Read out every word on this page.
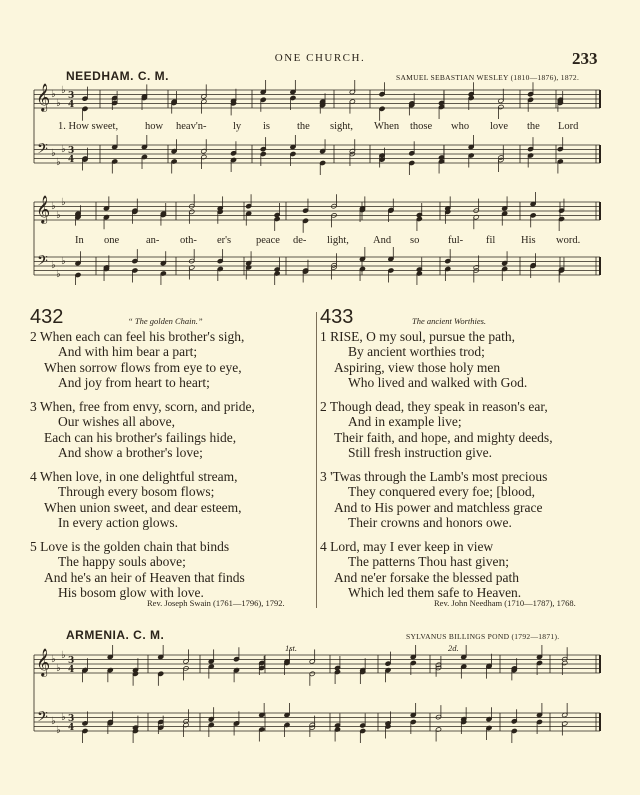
ONE CHURCH.	233
NEEDHAM. C. M.	SAMUEL SEBASTIAN WESLEY (1810—1876), 1872.
𝄞
𝄢
♭
♭
♭
♭
♭
♭
3
4
3
4
𝄞
𝄢
♭
♭
♭
♭
♭
♭
1. How sweet,	how heav'n-	ly is	the sight, When those who love the Lord
In one	an- oth- er's peace de- light, And so	ful- fil His word.
432	“ The golden Chain.”
2 When each can feel his brother's sigh,
And with him bear a part;
When sorrow flows from eye to eye,
And joy from heart to heart;
3 When, free from envy, scorn, and pride,
Our wishes all above,
Each can his brother's failings hide,
And show a brother's love;
4 When love, in one delightful stream,
Through every bosom flows;
When union sweet, and dear esteem,
In every action glows.
5 Love is the golden chain that binds
The happy souls above;
And he's an heir of Heaven that finds
His bosom glow with love.
Rev. Joseph Swain (1761—1796), 1792.
433	The ancient Worthies.
1 RISE, O my soul, pursue the path,
By ancient worthies trod;
Aspiring, view those holy men
Who lived and walked with God.
2 Though dead, they speak in reason's ear,
And in example live;
Their faith, and hope, and mighty deeds,
Still fresh instruction give.
3 'Twas through the Lamb's most precious
They conquered every foe; [blood,
And to His power and matchless grace
Their crowns and honors owe.
4 Lord, may I ever keep in view
The patterns Thou hast given;
And ne'er forsake the blessed path
Which led them safe to Heaven.
Rev. John Needham (1710—1787), 1768.
ARMENIA. C. M.	SYLVANUS BILLINGS POND (1792—1871).
1st.	2d.
𝄞
𝄢
♭
♭
♭
♭
♭
♭
3
4
3
4
